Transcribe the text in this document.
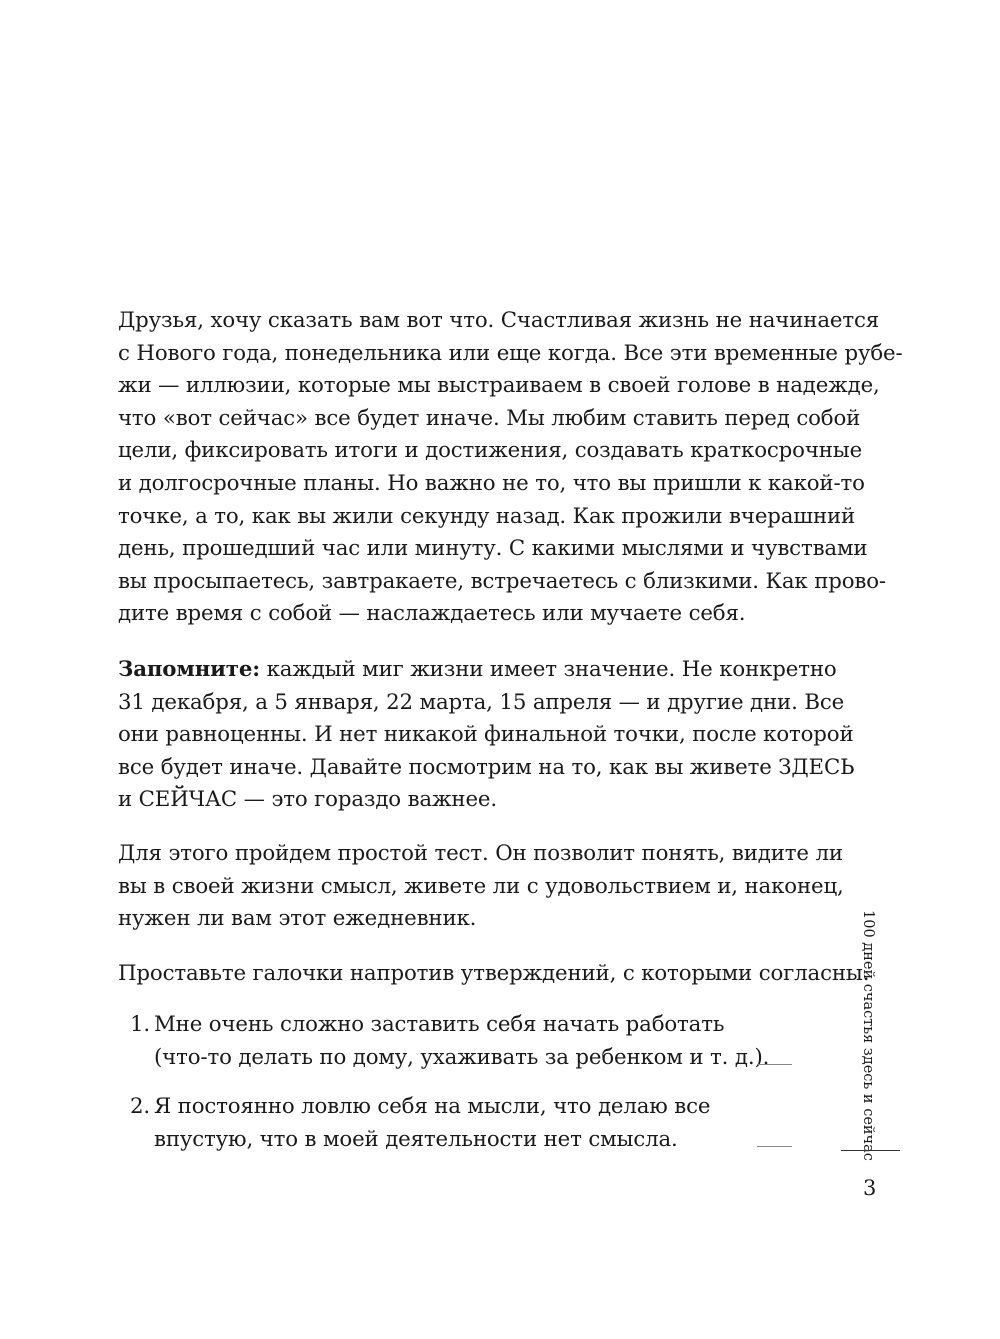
Друзья, хочу сказать вам вот что. Счастливая жизнь не начинается
с Нового года, понедельника или еще когда. Все эти временные рубе-
жи — иллюзии, которые мы выстраиваем в своей голове в надежде,
что «вот сейчас» все будет иначе. Мы любим ставить перед собой
цели, фиксировать итоги и достижения, создавать краткосрочные
и долгосрочные планы. Но важно не то, что вы пришли к какой-то
точке, а то, как вы жили секунду назад. Как прожили вчерашний
день, прошедший час или минуту. С какими мыслями и чувствами
вы просыпаетесь, завтракаете, встречаетесь с близкими. Как прово-
дите время с собой — наслаждаетесь или мучаете себя.
Запомните: каждый миг жизни имеет значение. Не конкретно
31 декабря, а 5 января, 22 марта, 15 апреля — и другие дни. Все
они равноценны. И нет никакой финальной точки, после которой
все будет иначе. Давайте посмотрим на то, как вы живете ЗДЕСЬ
и СЕЙЧАС — это гораздо важнее.
Для этого пройдем простой тест. Он позволит понять, видите ли
вы в своей жизни смысл, живете ли с удовольствием и, наконец,
нужен ли вам этот ежедневник.
Проставьте галочки напротив утверждений, с которыми согласны.
1. Мне очень сложно заставить себя начать работать
(что-то делать по дому, ухаживать за ребенком и т. д.).
2. Я постоянно ловлю себя на мысли, что делаю все
впустую, что в моей деятельности нет смысла.	100 дней счастья здесь и сейчас
3
